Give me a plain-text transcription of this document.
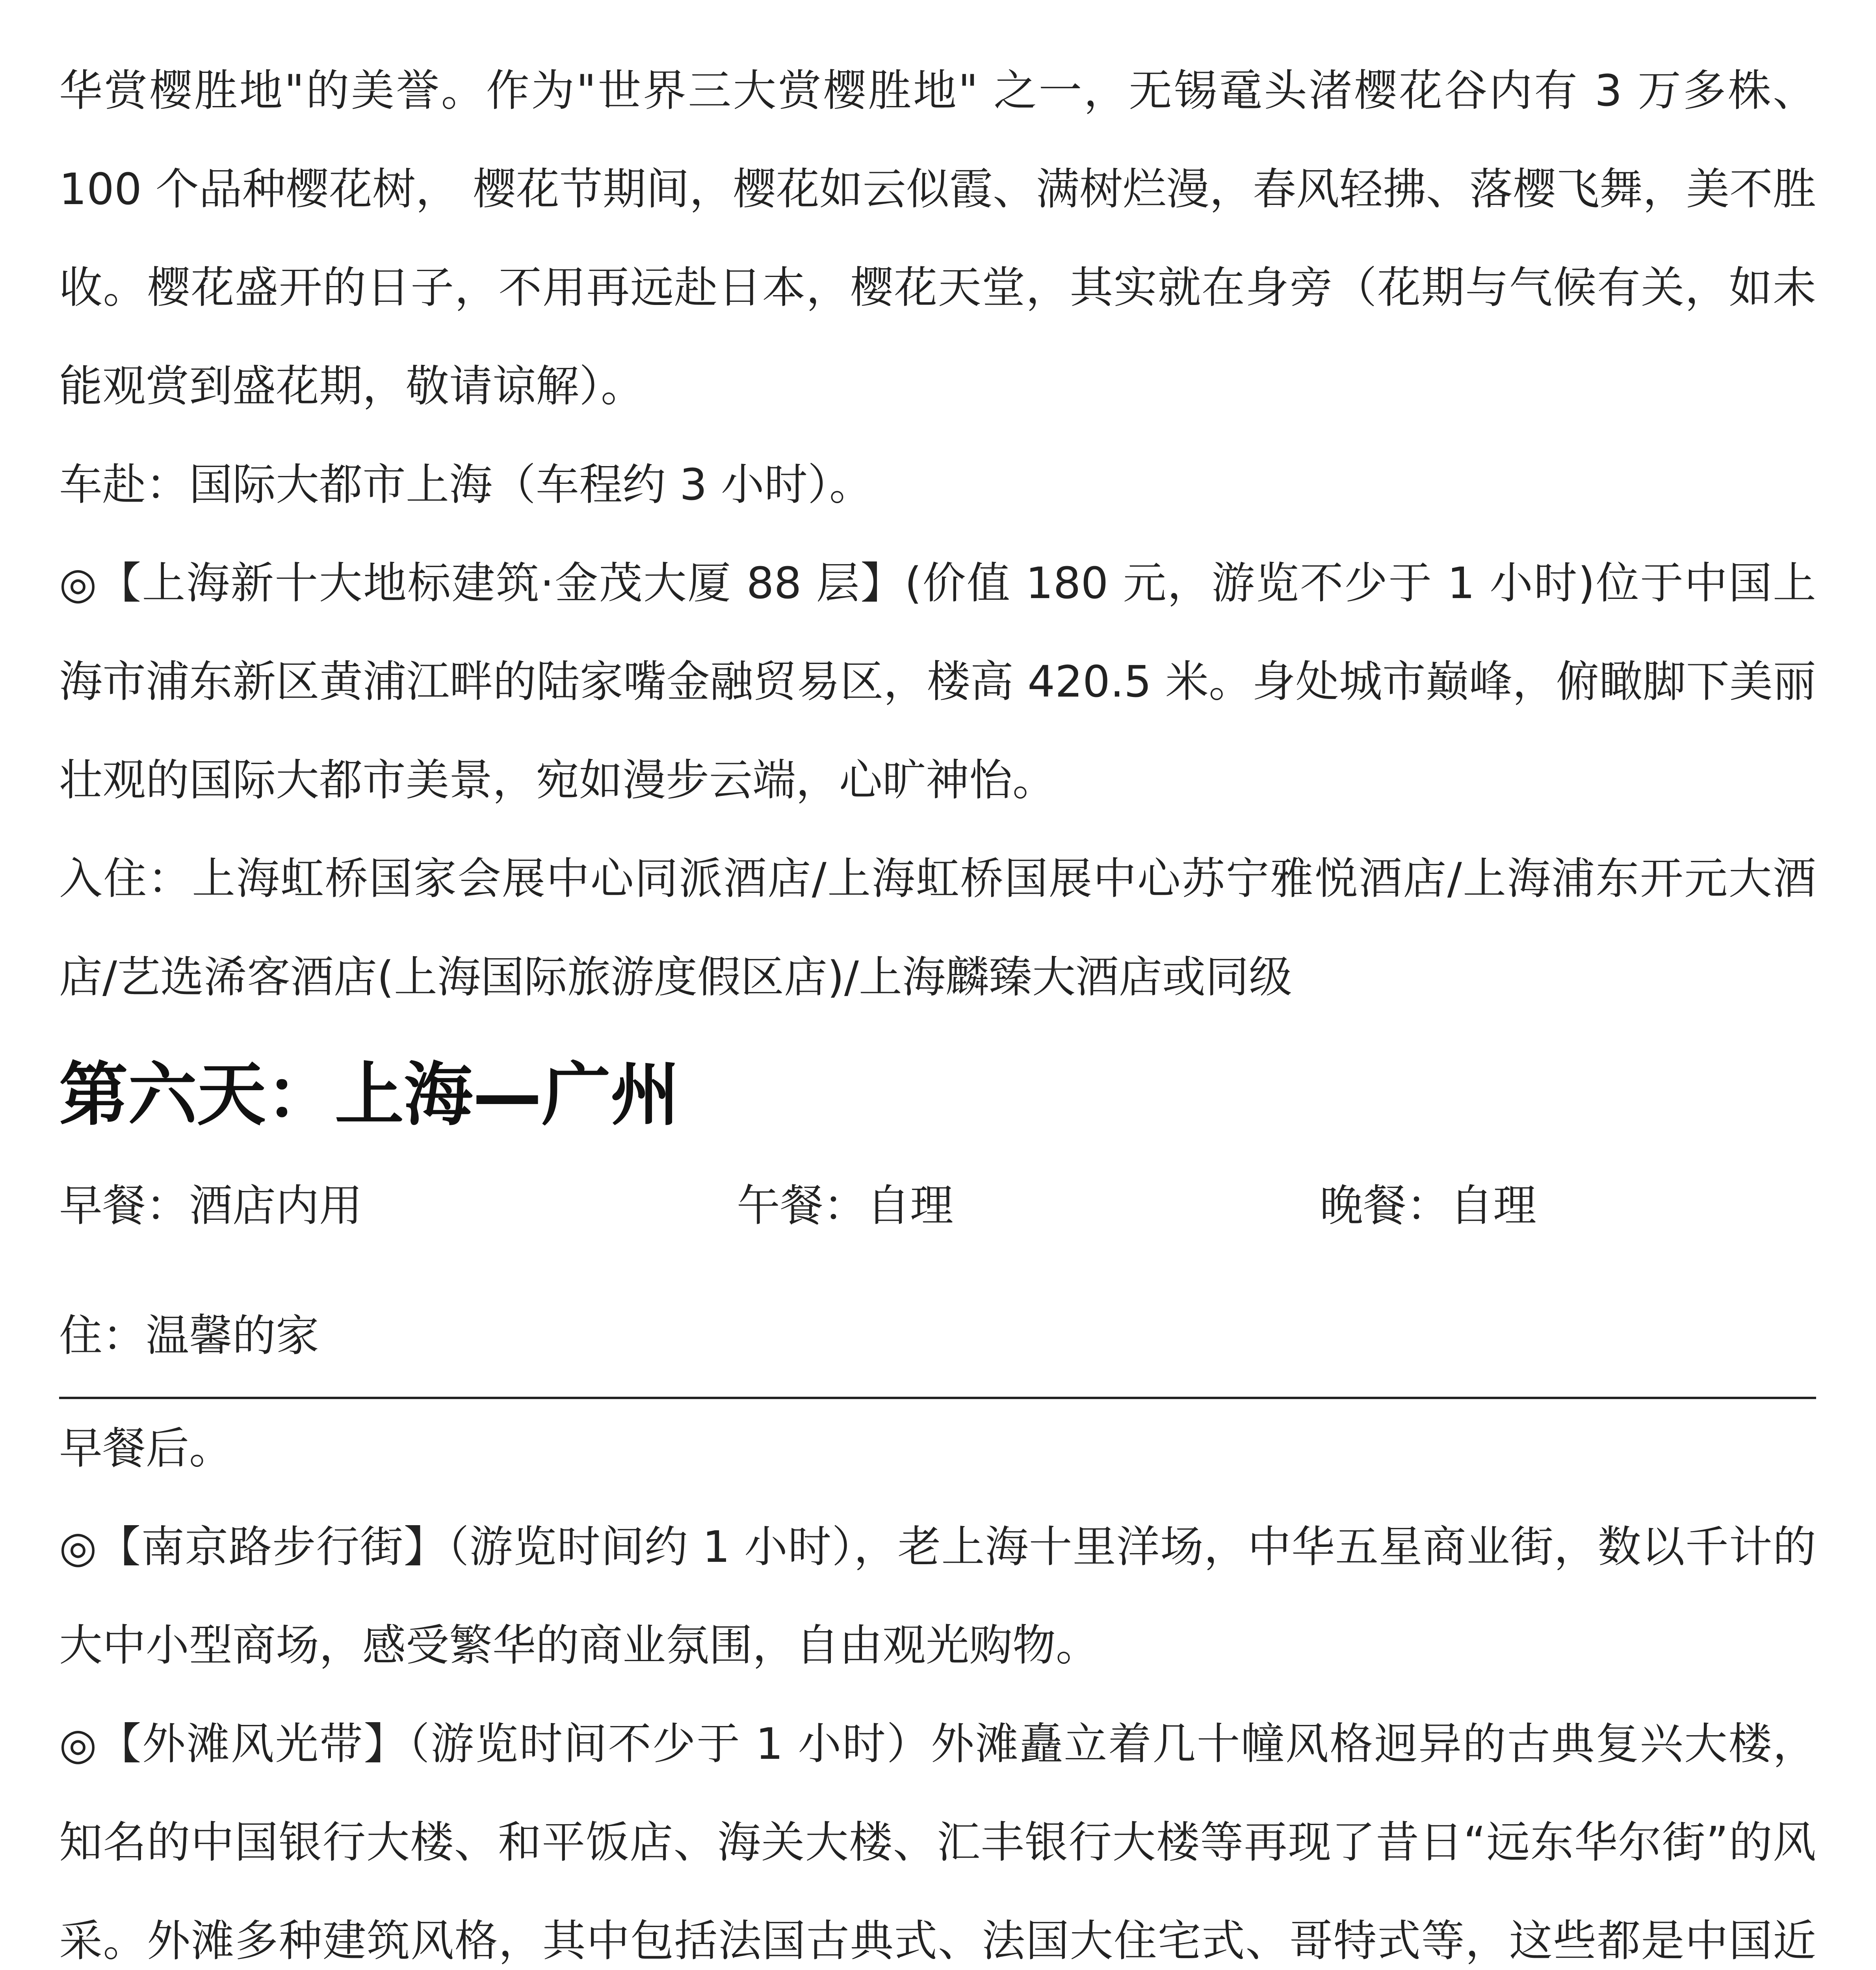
华赏樱胜地"的美誉。作为"世界三大赏樱胜地" 之一，无锡鼋头渚樱花谷内有 3 万多株、100 个品种樱花树， 樱花节期间，樱花如云似霞、满树烂漫，春风轻拂、落樱飞舞，美不胜收。樱花盛开的日子，不用再远赴日本，樱花天堂，其实就在身旁（花期与气候有关，如未能观赏到盛花期，敬请谅解）。

车赴：国际大都市上海（车程约 3 小时）。

◎【上海新十大地标建筑·金茂大厦 88 层】(价值 180 元，游览不少于 1 小时)位于中国上海市浦东新区黄浦江畔的陆家嘴金融贸易区，楼高 420.5 米。身处城市巅峰，俯瞰脚下美丽壮观的国际大都市美景，宛如漫步云端，心旷神怡。

入住：上海虹桥国家会展中心同派酒店/上海虹桥国展中心苏宁雅悦酒店/上海浦东开元大酒店/艺选浠客酒店(上海国际旅游度假区店)/上海麟臻大酒店或同级

第六天：上海—广州
早餐：酒店内用	午餐：自理	晚餐：自理
住：温馨的家

早餐后。

◎【南京路步行街】（游览时间约 1 小时），老上海十里洋场，中华五星商业街，数以千计的大中小型商场，感受繁华的商业氛围，自由观光购物。

◎【外滩风光带】（游览时间不少于 1 小时）外滩矗立着几十幢风格迥异的古典复兴大楼，知名的中国银行大楼、和平饭店、海关大楼、汇丰银行大楼等再现了昔日“远东华尔街”的风采。外滩多种建筑风格，其中包括法国古典式、法国大住宅式、哥特式等，这些都是中国近
